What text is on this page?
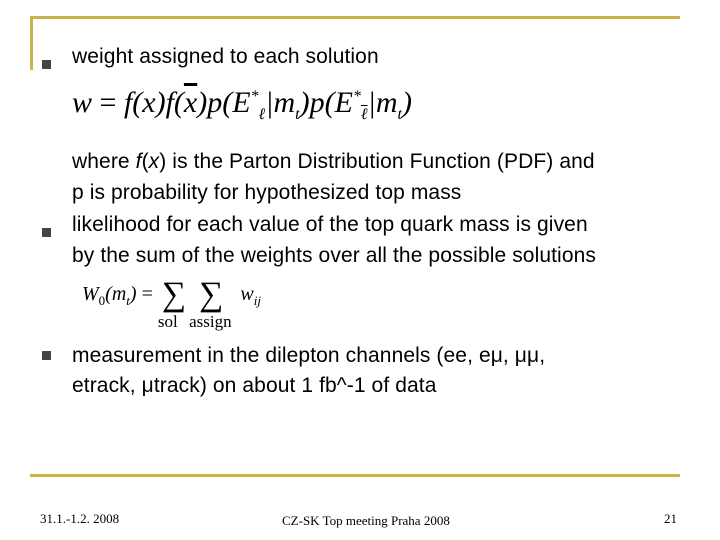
weight assigned to each solution
$w = f(x)f(\overline{x})p(E^*_\ell|m_t)p(E^*_\ell|m_t)$
where f(x) is the Parton Distribution Function (PDF) and
p is probability for hypothesized top mass
likelihood for each value of the top quark mass is given
by the sum of the weights over all the possible solutions
$W_0(m_t)$ = ∑
sol
∑
assign
$w_{ij}$
measurement in the dilepton channels (ee, eμ, μμ,
etrack, μtrack) on about 1 fb^-1 of data
31.1.-1.2. 2008	CZ-SK Top meeting Praha 2008	21
